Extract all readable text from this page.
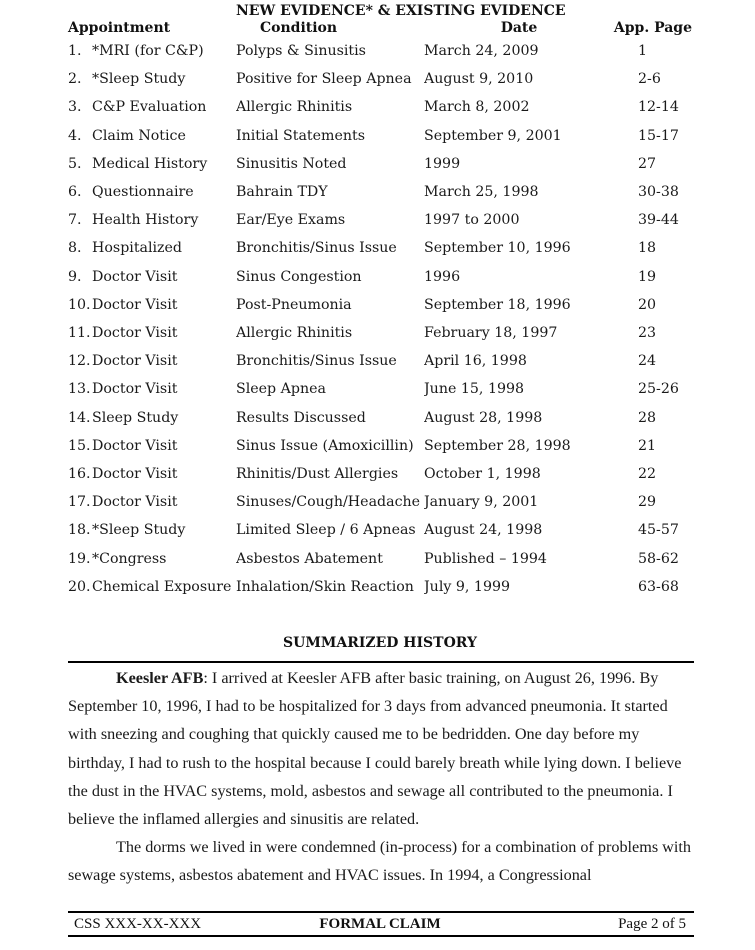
	NEW EVIDENCE* & EXISTING EVIDENCE		
Appointment	Condition	Date	App. Page
1. *MRI (for C&P)	Polyps & Sinusitis	March 24, 2009	1
2. *Sleep Study	Positive for Sleep Apnea	August 9, 2010	2-6
3. C&P Evaluation	Allergic Rhinitis	March 8, 2002	12-14
4. Claim Notice	Initial Statements	September 9, 2001	15-17
5. Medical History	Sinusitis Noted	1999	27
6. Questionnaire	Bahrain TDY	March 25, 1998	30-38
7. Health History	Ear/Eye Exams	1997 to 2000	39-44
8. Hospitalized	Bronchitis/Sinus Issue	September 10, 1996	18
9. Doctor Visit	Sinus Congestion	1996	19
10.Doctor Visit	Post-Pneumonia	September 18, 1996	20
11.Doctor Visit	Allergic Rhinitis	February 18, 1997	23
12.Doctor Visit	Bronchitis/Sinus Issue	April 16, 1998	24
13.Doctor Visit	Sleep Apnea	June 15, 1998	25-26
14.Sleep Study	Results Discussed	August 28, 1998	28
15.Doctor Visit	Sinus Issue (Amoxicillin)	September 28, 1998	21
16.Doctor Visit	Rhinitis/Dust Allergies	October 1, 1998	22
17.Doctor Visit	Sinuses/Cough/Headache	January 9, 2001	29
18.*Sleep Study	Limited Sleep / 6 Apneas	August 24, 1998	45-57
19.*Congress	Asbestos Abatement	Published – 1994	58-62
20.Chemical Exposure	Inhalation/Skin Reaction	July 9, 1999	63-68
SUMMARIZED HISTORY

Keesler AFB: I arrived at Keesler AFB after basic training, on August 26, 1996. By September 10, 1996, I had to be hospitalized for 3 days from advanced pneumonia. It started with sneezing and coughing that quickly caused me to be bedridden. One day before my birthday, I had to rush to the hospital because I could barely breath while lying down. I believe the dust in the HVAC systems, mold, asbestos and sewage all contributed to the pneumonia. I believe the inflamed allergies and sinusitis are related.

The dorms we lived in were condemned (in-process) for a combination of problems with sewage systems, asbestos abatement and HVAC issues. In 1994, a Congressional

CSS XXX-XX-XXX	FORMAL CLAIM	Page 2 of 5
